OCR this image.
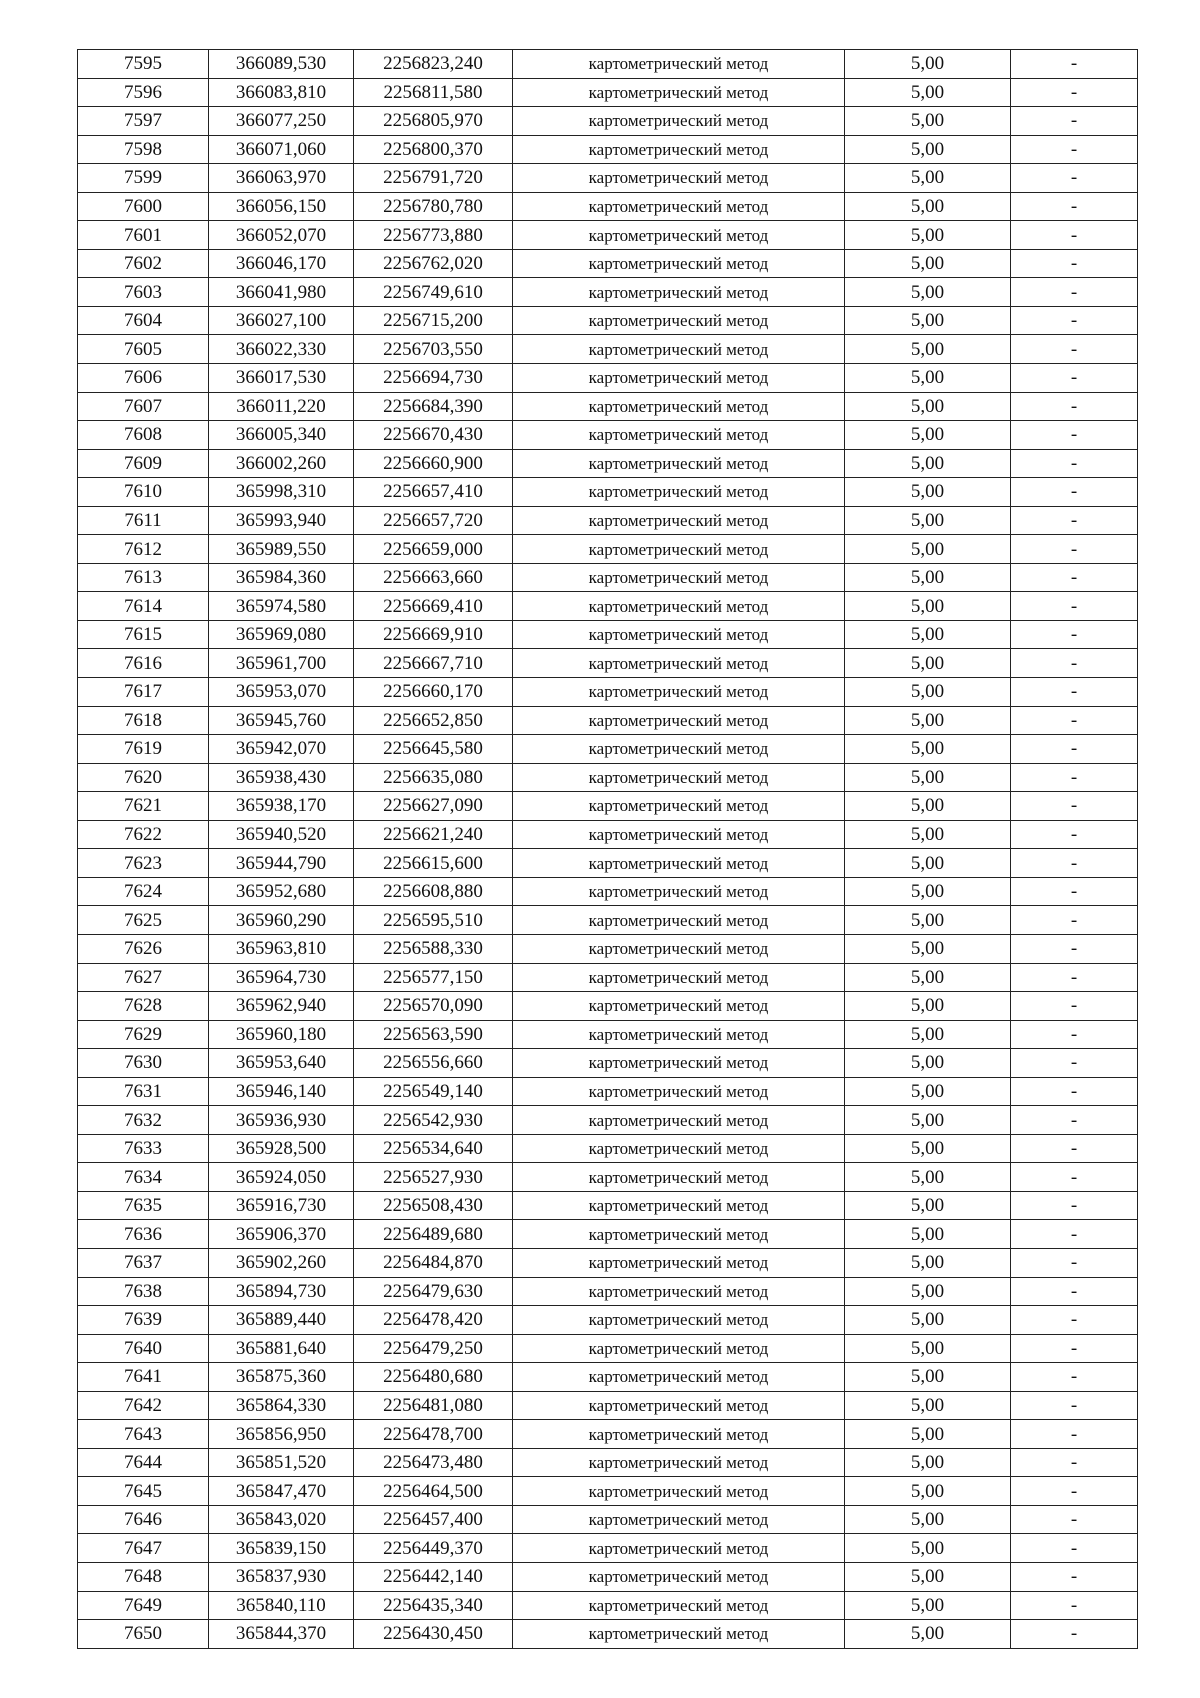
7595	366089,530	2256823,240	картометрический метод	5,00	-
7596	366083,810	2256811,580	картометрический метод	5,00	-
7597	366077,250	2256805,970	картометрический метод	5,00	-
7598	366071,060	2256800,370	картометрический метод	5,00	-
7599	366063,970	2256791,720	картометрический метод	5,00	-
7600	366056,150	2256780,780	картометрический метод	5,00	-
7601	366052,070	2256773,880	картометрический метод	5,00	-
7602	366046,170	2256762,020	картометрический метод	5,00	-
7603	366041,980	2256749,610	картометрический метод	5,00	-
7604	366027,100	2256715,200	картометрический метод	5,00	-
7605	366022,330	2256703,550	картометрический метод	5,00	-
7606	366017,530	2256694,730	картометрический метод	5,00	-
7607	366011,220	2256684,390	картометрический метод	5,00	-
7608	366005,340	2256670,430	картометрический метод	5,00	-
7609	366002,260	2256660,900	картометрический метод	5,00	-
7610	365998,310	2256657,410	картометрический метод	5,00	-
7611	365993,940	2256657,720	картометрический метод	5,00	-
7612	365989,550	2256659,000	картометрический метод	5,00	-
7613	365984,360	2256663,660	картометрический метод	5,00	-
7614	365974,580	2256669,410	картометрический метод	5,00	-
7615	365969,080	2256669,910	картометрический метод	5,00	-
7616	365961,700	2256667,710	картометрический метод	5,00	-
7617	365953,070	2256660,170	картометрический метод	5,00	-
7618	365945,760	2256652,850	картометрический метод	5,00	-
7619	365942,070	2256645,580	картометрический метод	5,00	-
7620	365938,430	2256635,080	картометрический метод	5,00	-
7621	365938,170	2256627,090	картометрический метод	5,00	-
7622	365940,520	2256621,240	картометрический метод	5,00	-
7623	365944,790	2256615,600	картометрический метод	5,00	-
7624	365952,680	2256608,880	картометрический метод	5,00	-
7625	365960,290	2256595,510	картометрический метод	5,00	-
7626	365963,810	2256588,330	картометрический метод	5,00	-
7627	365964,730	2256577,150	картометрический метод	5,00	-
7628	365962,940	2256570,090	картометрический метод	5,00	-
7629	365960,180	2256563,590	картометрический метод	5,00	-
7630	365953,640	2256556,660	картометрический метод	5,00	-
7631	365946,140	2256549,140	картометрический метод	5,00	-
7632	365936,930	2256542,930	картометрический метод	5,00	-
7633	365928,500	2256534,640	картометрический метод	5,00	-
7634	365924,050	2256527,930	картометрический метод	5,00	-
7635	365916,730	2256508,430	картометрический метод	5,00	-
7636	365906,370	2256489,680	картометрический метод	5,00	-
7637	365902,260	2256484,870	картометрический метод	5,00	-
7638	365894,730	2256479,630	картометрический метод	5,00	-
7639	365889,440	2256478,420	картометрический метод	5,00	-
7640	365881,640	2256479,250	картометрический метод	5,00	-
7641	365875,360	2256480,680	картометрический метод	5,00	-
7642	365864,330	2256481,080	картометрический метод	5,00	-
7643	365856,950	2256478,700	картометрический метод	5,00	-
7644	365851,520	2256473,480	картометрический метод	5,00	-
7645	365847,470	2256464,500	картометрический метод	5,00	-
7646	365843,020	2256457,400	картометрический метод	5,00	-
7647	365839,150	2256449,370	картометрический метод	5,00	-
7648	365837,930	2256442,140	картометрический метод	5,00	-
7649	365840,110	2256435,340	картометрический метод	5,00	-
7650	365844,370	2256430,450	картометрический метод	5,00	-
